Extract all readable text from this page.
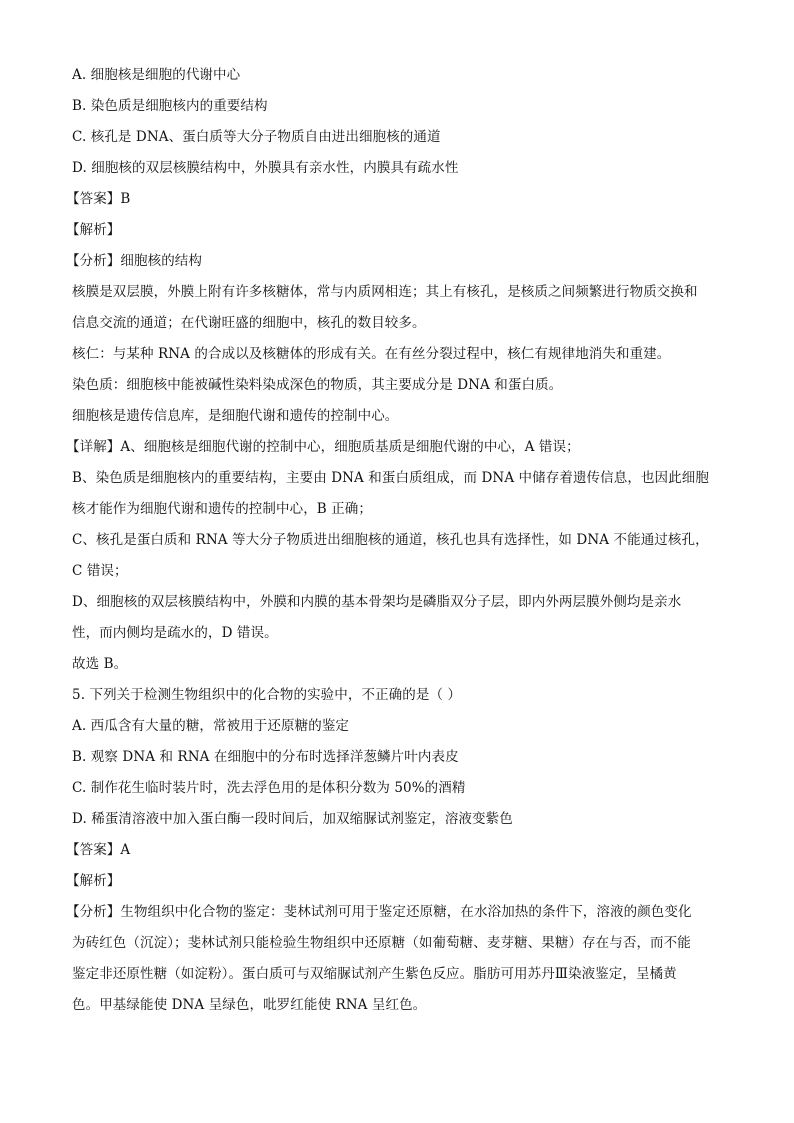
A. 细胞核是细胞的代谢中心
B. 染色质是细胞核内的重要结构
C. 核孔是 DNA、蛋白质等大分子物质自由进出细胞核的通道
D. 细胞核的双层核膜结构中，外膜具有亲水性，内膜具有疏水性
【答案】B
【解析】
【分析】细胞核的结构
核膜是双层膜，外膜上附有许多核糖体，常与内质网相连；其上有核孔，是核质之间频繁进行物质交换和
信息交流的通道；在代谢旺盛的细胞中，核孔的数目较多。
核仁：与某种 RNA 的合成以及核糖体的形成有关。在有丝分裂过程中，核仁有规律地消失和重建。
染色质：细胞核中能被碱性染料染成深色的物质，其主要成分是 DNA 和蛋白质。
细胞核是遗传信息库，是细胞代谢和遗传的控制中心。
【详解】A、细胞核是细胞代谢的控制中心，细胞质基质是细胞代谢的中心，A 错误；
B、染色质是细胞核内的重要结构，主要由 DNA 和蛋白质组成，而 DNA 中储存着遗传信息，也因此细胞
核才能作为细胞代谢和遗传的控制中心，B 正确；
C、核孔是蛋白质和 RNA 等大分子物质进出细胞核的通道，核孔也具有选择性，如 DNA 不能通过核孔，
C 错误；
D、细胞核的双层核膜结构中，外膜和内膜的基本骨架均是磷脂双分子层，即内外两层膜外侧均是亲水
性，而内侧均是疏水的，D 错误。
故选 B。
5. 下列关于检测生物组织中的化合物的实验中，不正确的是（ ）
A. 西瓜含有大量的糖，常被用于还原糖的鉴定
B. 观察 DNA 和 RNA 在细胞中的分布时选择洋葱鳞片叶内表皮
C. 制作花生临时装片时，洗去浮色用的是体积分数为 50%的酒精
D. 稀蛋清溶液中加入蛋白酶一段时间后，加双缩脲试剂鉴定，溶液变紫色
【答案】A
【解析】
【分析】生物组织中化合物的鉴定：斐林试剂可用于鉴定还原糖，在水浴加热的条件下，溶液的颜色变化
为砖红色（沉淀）；斐林试剂只能检验生物组织中还原糖（如葡萄糖、麦芽糖、果糖）存在与否，而不能
鉴定非还原性糖（如淀粉）。蛋白质可与双缩脲试剂产生紫色反应。脂肪可用苏丹Ⅲ染液鉴定，呈橘黄
色。甲基绿能使 DNA 呈绿色，吡罗红能使 RNA 呈红色。
